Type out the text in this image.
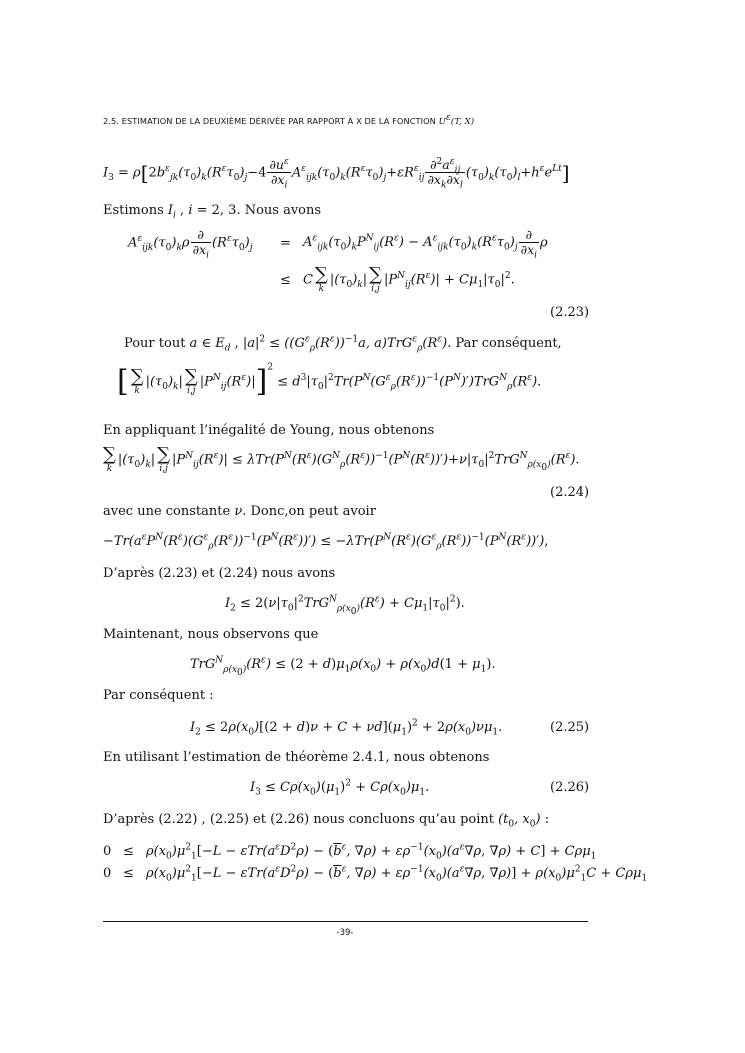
2.5. ESTIMATION DE LA DEUXIÈME DÉRIVÉE PAR RAPPORT À X DE LA FONCTION $U^\varepsilon(T$, X)
$I_3 = \rho[2b^\varepsilon_{jk}(\tau_0)_k(R^\varepsilon\tau_0)_j-4 \frac{\partial u^\varepsilon}{\partial x_i} A^\varepsilon_{ijk}(\tau_0)_k(R^\varepsilon\tau_0)_j+\varepsilon R^\varepsilon_{ij} \frac{\partial^2a^\varepsilon_{ij}}{\partial x_k\partial x_l} (\tau_0)_k(\tau_0)_l+h^\varepsilon e^{Lt}]$
Estimons $I_i$ , i = 2, 3. Nous avons
$A^\varepsilon_{ijk}(\tau_0)_k\rho \frac{\partial}{\partial x_i} (R^\varepsilon\tau_0)_j = A^\varepsilon_{ijk}(\tau_0)_kP^N_{ij}(R^\varepsilon) - A^\varepsilon_{ijk}(\tau_0)_k(R^\varepsilon\tau_0)_j \frac{\partial}{\partial x_i}$ ρ
≤ C ∑
k
$|(\tau_0)_k|$ ∑
i,j
$|P^N_{ij}(R^\varepsilon)| + C\mu_1|\tau_0|^2$.
(2.23)
Pour tout a ∈ $E_d$ , $|a|^2 \le ((G^\varepsilon_\rho(R^\varepsilon))^{-1}a$, $a)TrG^\varepsilon_\rho(R^\varepsilon)$. Par conséquent,
[ ∑
k
$|(\tau_0)_k|$ ∑
i,j
$|P^N_{ij}(R^\varepsilon)|]^2 \le d^3|\tau_0|^2Tr(P^N(G^\varepsilon_\rho(R^\varepsilon))^{-1}(P^N)')TrG^N_\rho(R^\varepsilon)$.
En appliquant l’inégalité de Young, nous obtenons
∑
k
$|(\tau_0)_k|$ ∑
i,j
$|P^N_{ij}(R^\varepsilon)| \le \lambda Tr(P^N(R^\varepsilon)(G^N_\rho(R^\varepsilon))^{-1}(P^N(R^\varepsilon))')+\nu|\tau_0|^2TrG^N_{\rho(x_0)}(R^\varepsilon)$.
(2.24)
avec une constante ν. Donc,on peut avoir
$-Tr(a^\varepsilon P^N(R^\varepsilon)(G^\varepsilon_\rho(R^\varepsilon))^{-1}(P^N(R^\varepsilon))') \le -\lambda Tr(P^N(R^\varepsilon)(G^\varepsilon_\rho(R^\varepsilon))^{-1}(P^N(R^\varepsilon))')$,
D’après (2.23) et (2.24) nous avons
$I_2 \le 2(\nu|\tau_0|^2TrG^N_{\rho(x_0)}(R^\varepsilon) + C\mu_1|\tau_0|^2)$.
Maintenant, nous observons que
$TrG^N_{\rho(x_0)}(R^\varepsilon) \le (2 + d)\mu_1\rho(x_0) + \rho(x_0)d(1 + \mu_1)$.
Par conséquent :
$I_2 \le 2\rho(x_0)[(2 + d)\nu + C + \nu d](\mu_1)^2 + 2\rho(x_0)\nu\mu_1$.	(2.25)
En utilisant l’estimation de théorème 2.4.1, nous obtenons
$I_3 \le C\rho(x_0)(\mu_1)^2 + C\rho(x_0)\mu_1$.	(2.26)
D’après (2.22) , (2.25) et (2.26) nous concluons qu’au point ($t_0$, $x_0$) :
$0 \le \rho(x_0)\mu^2_1[-L - \varepsilon Tr(a^\varepsilon D^2\rho) - (\overline{b}^\varepsilon$, $\nabla\rho) + \varepsilon\rho^{-1}(x_0)(a^\varepsilon\nabla\rho$, ∇ρ) + C] + Cρμ$_1$
$0 \le \rho(x_0)\mu^2_1[-L - \varepsilon Tr(a^\varepsilon D^2\rho) - (\overline{b}^\varepsilon$, $\nabla\rho) + \varepsilon\rho^{-1}(x_0)(a^\varepsilon\nabla\rho$, $\nabla\rho)] + \rho(x_0)\mu^2_1C + C\rho\mu_1$
-39-
